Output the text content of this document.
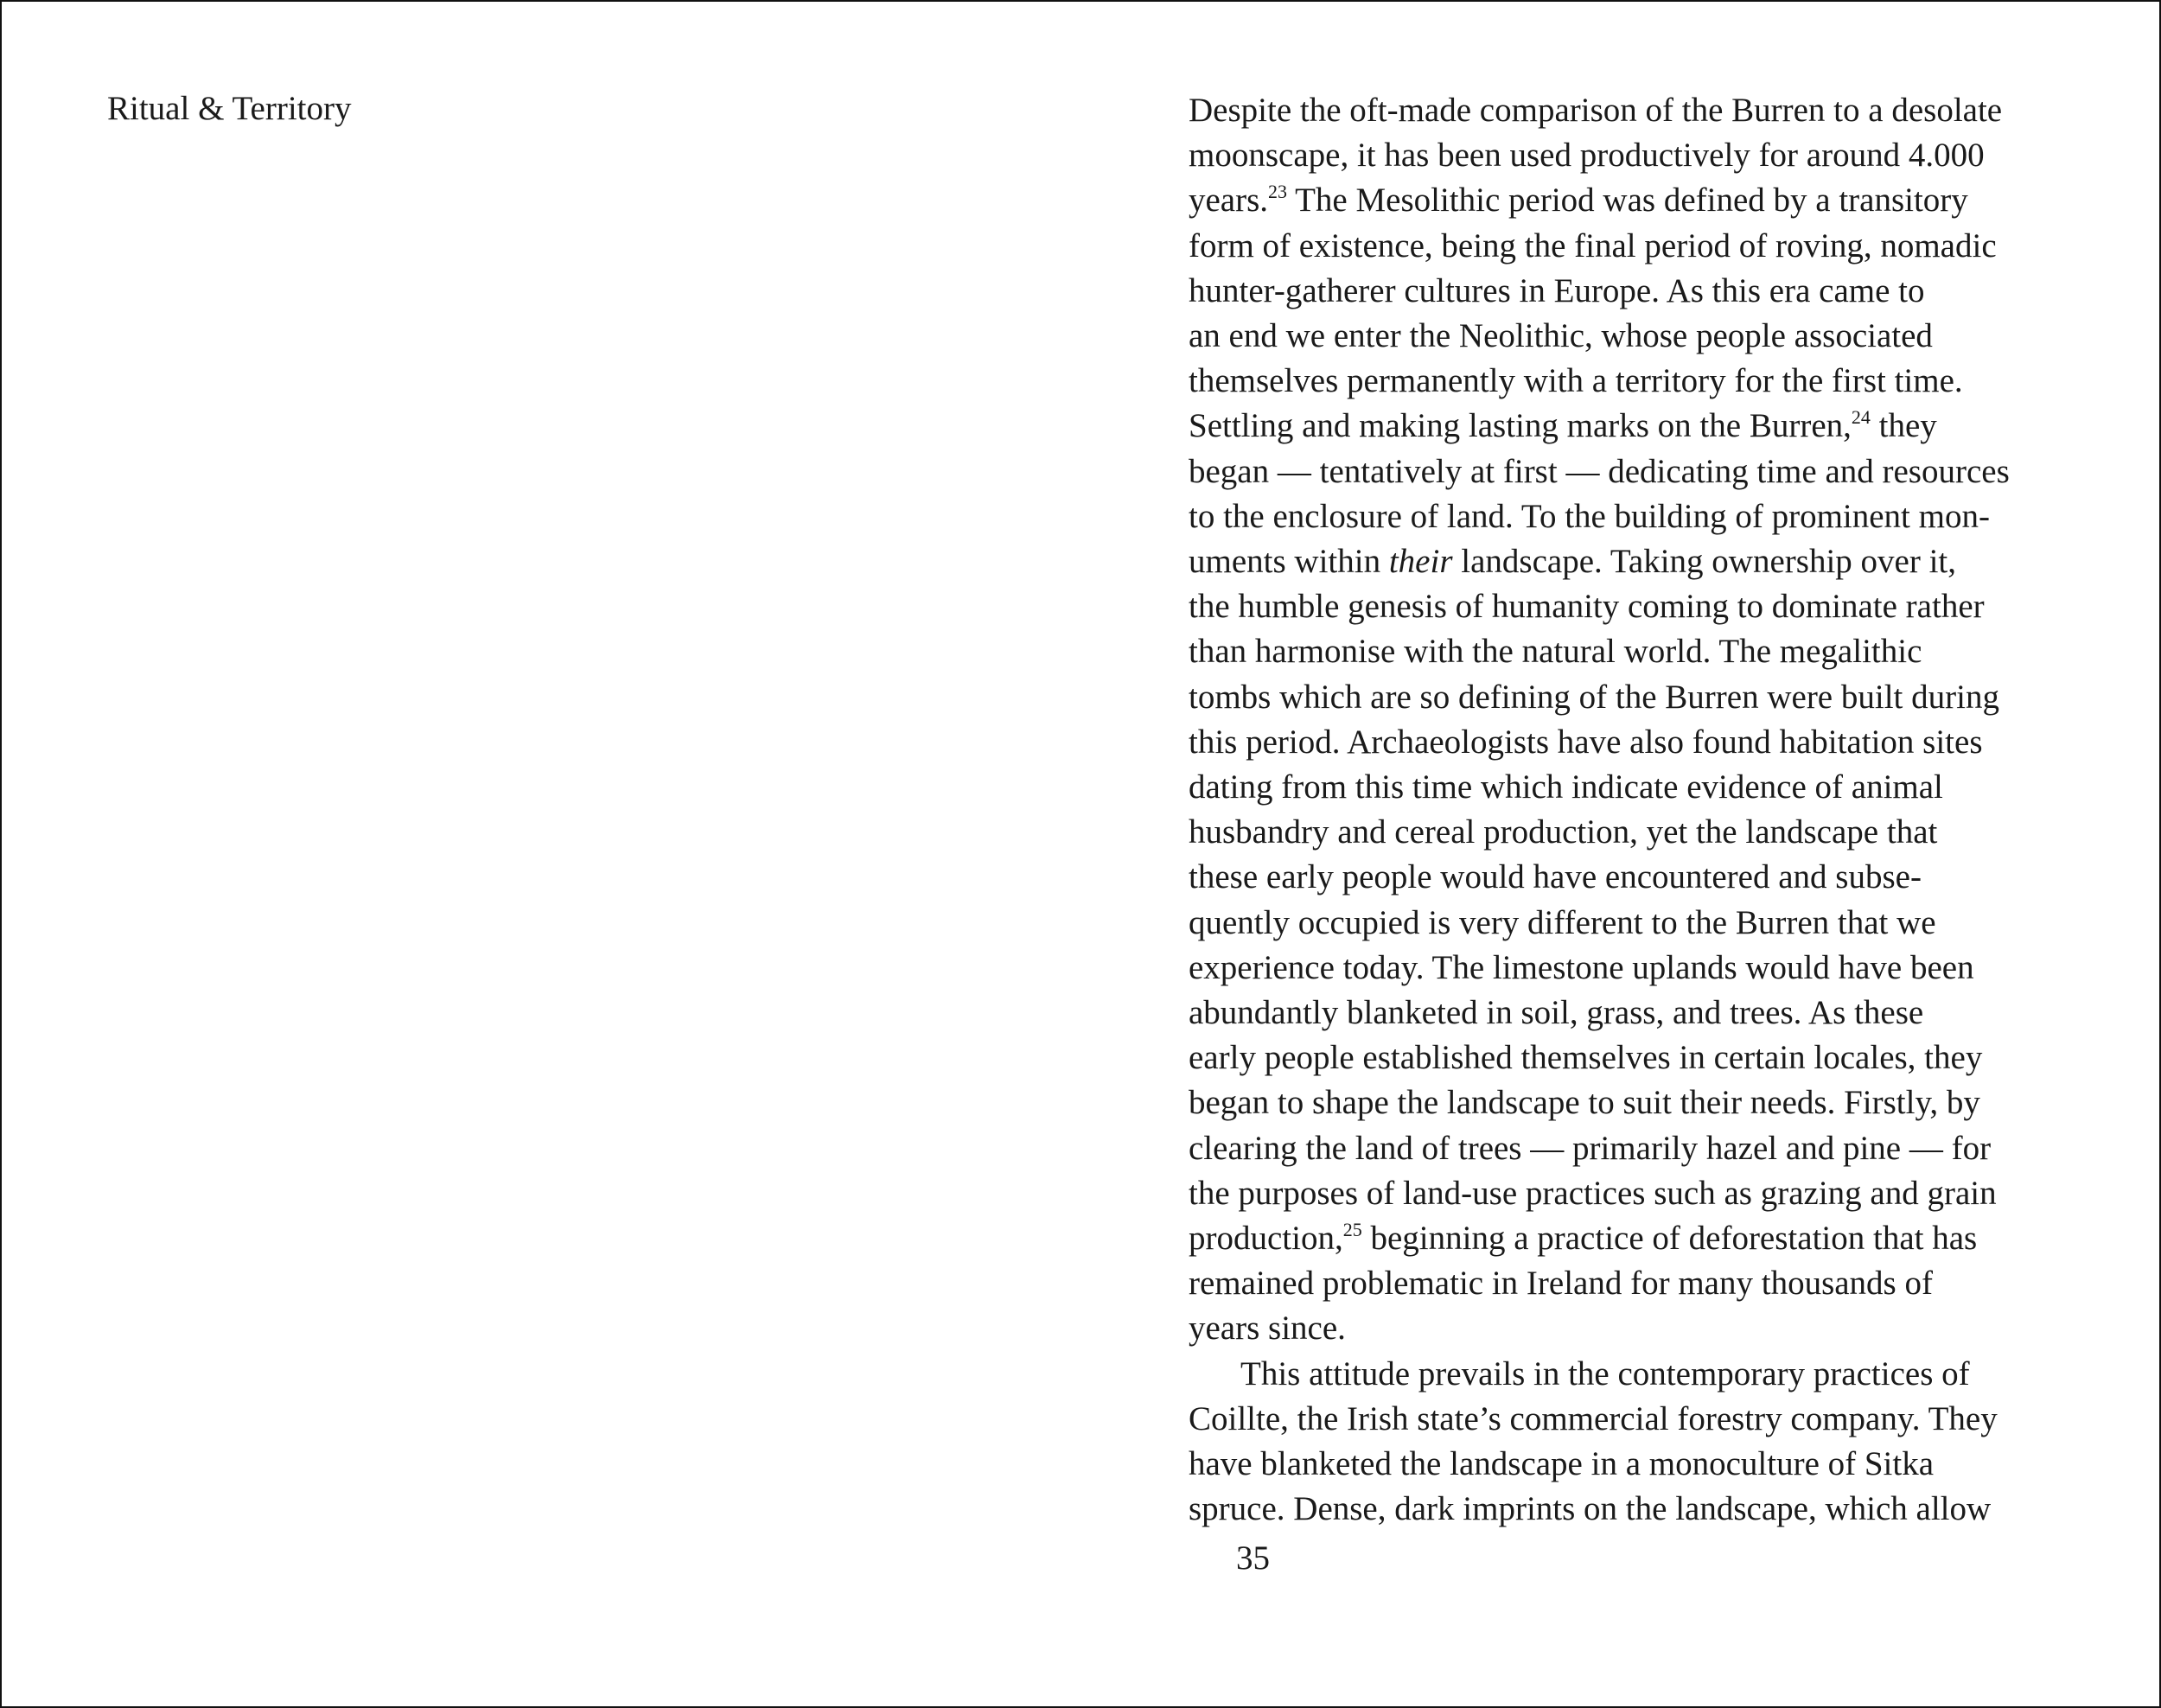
Ritual & Territory	Despite the oft-made comparison of the Burren to a desolate
moonscape, it has been used productively for around 4.000
years.$^{23}$ The Mesolithic period was defined by a transitory
form of existence, being the final period of roving, nomadic
hunter-gatherer cultures in Europe. As this era came to
an end we enter the Neolithic, whose people associated
themselves permanently with a territory for the first time.
Settling and making lasting marks on the Burren,$^{24}$ they
began — tentatively at first — dedicating time and resources
to the enclosure of land. To the building of prominent mon-
uments within their landscape. Taking ownership over it,
the humble genesis of humanity coming to dominate rather
than harmonise with the natural world. The megalithic
tombs which are so defining of the Burren were built during
this period. Archaeologists have also found habitation sites
dating from this time which indicate evidence of animal
husbandry and cereal production, yet the landscape that
these early people would have encountered and subse-
quently occupied is very different to the Burren that we
experience today. The limestone uplands would have been
abundantly blanketed in soil, grass, and trees. As these
early people established themselves in certain locales, they
began to shape the landscape to suit their needs. Firstly, by
clearing the land of trees — primarily hazel and pine — for
the purposes of land-use practices such as grazing and grain
production,$^{25}$ beginning a practice of deforestation that has
remained problematic in Ireland for many thousands of
years since.
This attitude prevails in the contemporary practices of
Coillte, the Irish state’s commercial forestry company. They
have blanketed the landscape in a monoculture of Sitka
spruce. Dense, dark imprints on the landscape, which allow
35
